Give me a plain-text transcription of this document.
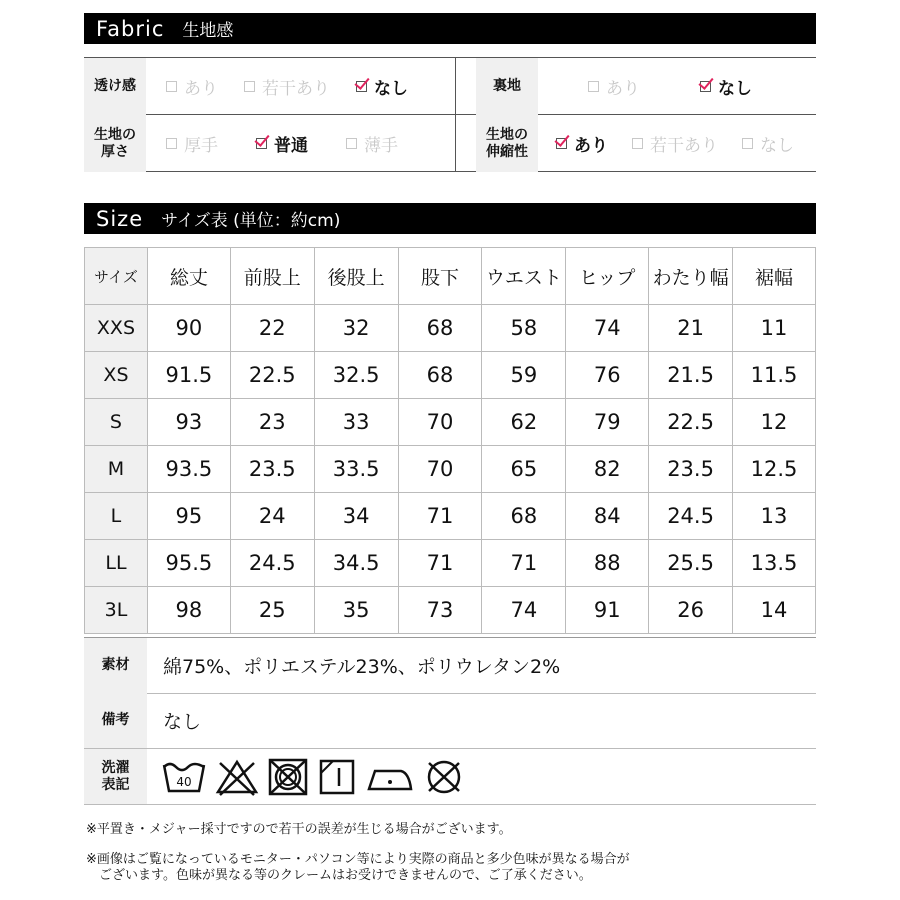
Fabric 生地感
透け感	あり	若干あり	なし	裏地	あり	なし
生地の
厚さ	厚手	普通	薄手
生地の
伸縮性	あり 若干あり なし
Size サイズ表 (単位：約cm)
サイズ	総丈	前股上	後股上	股下	ウエスト	ヒップ	わたり幅	裾幅
XXS	90	22	32	68	58	74	21	11
XS	91.5	22.5	32.5	68	59	76	21.5	11.5
S	93	23	33	70	62	79	22.5	12
M	93.5	23.5	33.5	70	65	82	23.5	12.5
L	95	24	34	71	68	84	24.5	13
LL	95.5	24.5	34.5	71	71	88	25.5	13.5
3L	98	25	35	73	74	91	26	14
素材	綿75%、ポリエステル23%、ポリウレタン2%
備考	なし
洗濯
表記	40
※平置き・メジャー採寸ですので若干の誤差が生じる場合がございます。
※画像はご覧になっているモニター・パソコン等により実際の商品と多少色味が異なる場合が
　ございます。色味が異なる等のクレームはお受けできませんので、ご了承ください。
